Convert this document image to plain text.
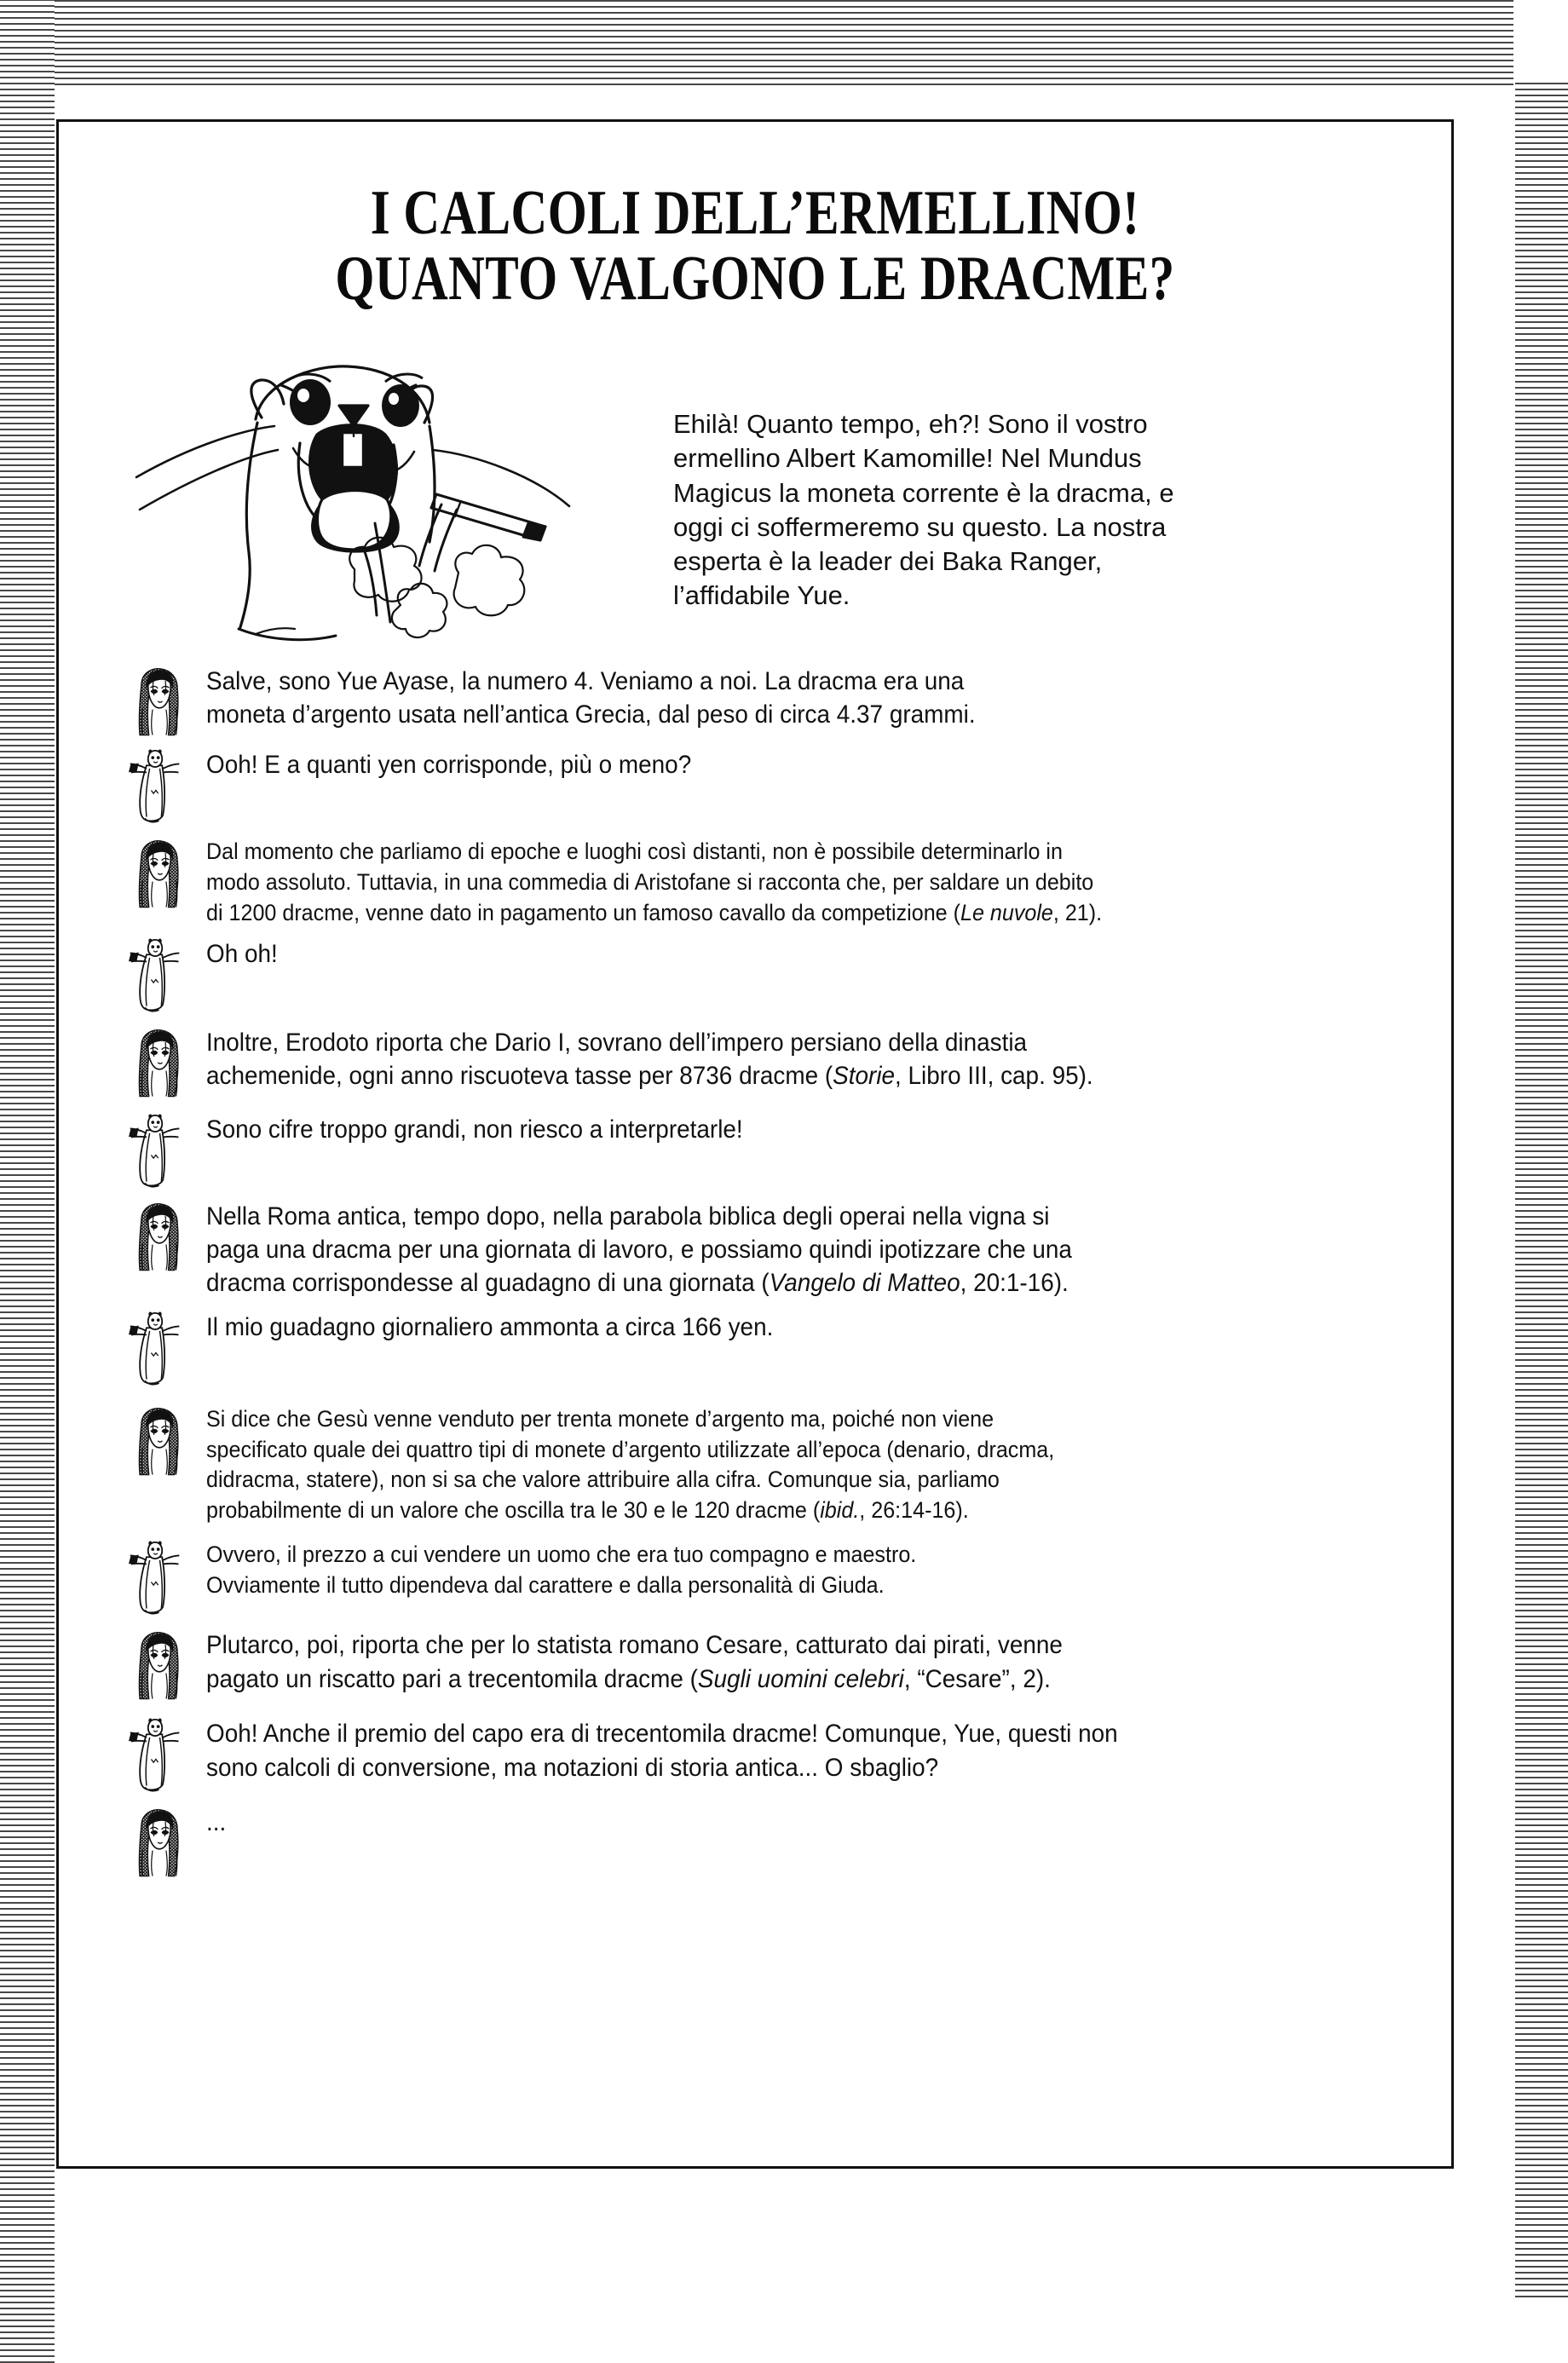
I CALCOLI DELL’ERMELLINO!
QUANTO VALGONO LE DRACME?
Ehilà! Quanto tempo, eh?! Sono il vostro
ermellino Albert Kamomille! Nel Mundus
Magicus la moneta corrente è la dracma, e
oggi ci soffermeremo su questo. La nostra
esperta è la leader dei Baka Ranger,
l’affidabile Yue.

Salve, sono Yue Ayase, la numero 4. Veniamo a noi. La dracma era una

moneta d’argento usata nell’antica Grecia, dal peso di circa 4.37 grammi.

Ooh! E a quanti yen corrisponde, più o meno?

Dal momento che parliamo di epoche e luoghi così distanti, non è possibile determinarlo in

modo assoluto. Tuttavia, in una commedia di Aristofane si racconta che, per saldare un debito

di 1200 dracme, venne dato in pagamento un famoso cavallo da competizione (Le nuvole, 21).

Oh oh!

Inoltre, Erodoto riporta che Dario I, sovrano dell’impero persiano della dinastia

achemenide, ogni anno riscuoteva tasse per 8736 dracme (Storie, Libro III, cap. 95).

Sono cifre troppo grandi, non riesco a interpretarle!

Nella Roma antica, tempo dopo, nella parabola biblica degli operai nella vigna si

paga una dracma per una giornata di lavoro, e possiamo quindi ipotizzare che una

dracma corrispondesse al guadagno di una giornata (Vangelo di Matteo, 20:1-16).

Il mio guadagno giornaliero ammonta a circa 166 yen.

Si dice che Gesù venne venduto per trenta monete d’argento ma, poiché non viene

specificato quale dei quattro tipi di monete d’argento utilizzate all’epoca (denario, dracma,

didracma, statere), non si sa che valore attribuire alla cifra. Comunque sia, parliamo

probabilmente di un valore che oscilla tra le 30 e le 120 dracme (ibid., 26:14-16).

Ovvero, il prezzo a cui vendere un uomo che era tuo compagno e maestro.

Ovviamente il tutto dipendeva dal carattere e dalla personalità di Giuda.

Plutarco, poi, riporta che per lo statista romano Cesare, catturato dai pirati, venne

pagato un riscatto pari a trecentomila dracme (Sugli uomini celebri, “Cesare”, 2).

Ooh! Anche il premio del capo era di trecentomila dracme! Comunque, Yue, questi non

sono calcoli di conversione, ma notazioni di storia antica... O sbaglio?

...
